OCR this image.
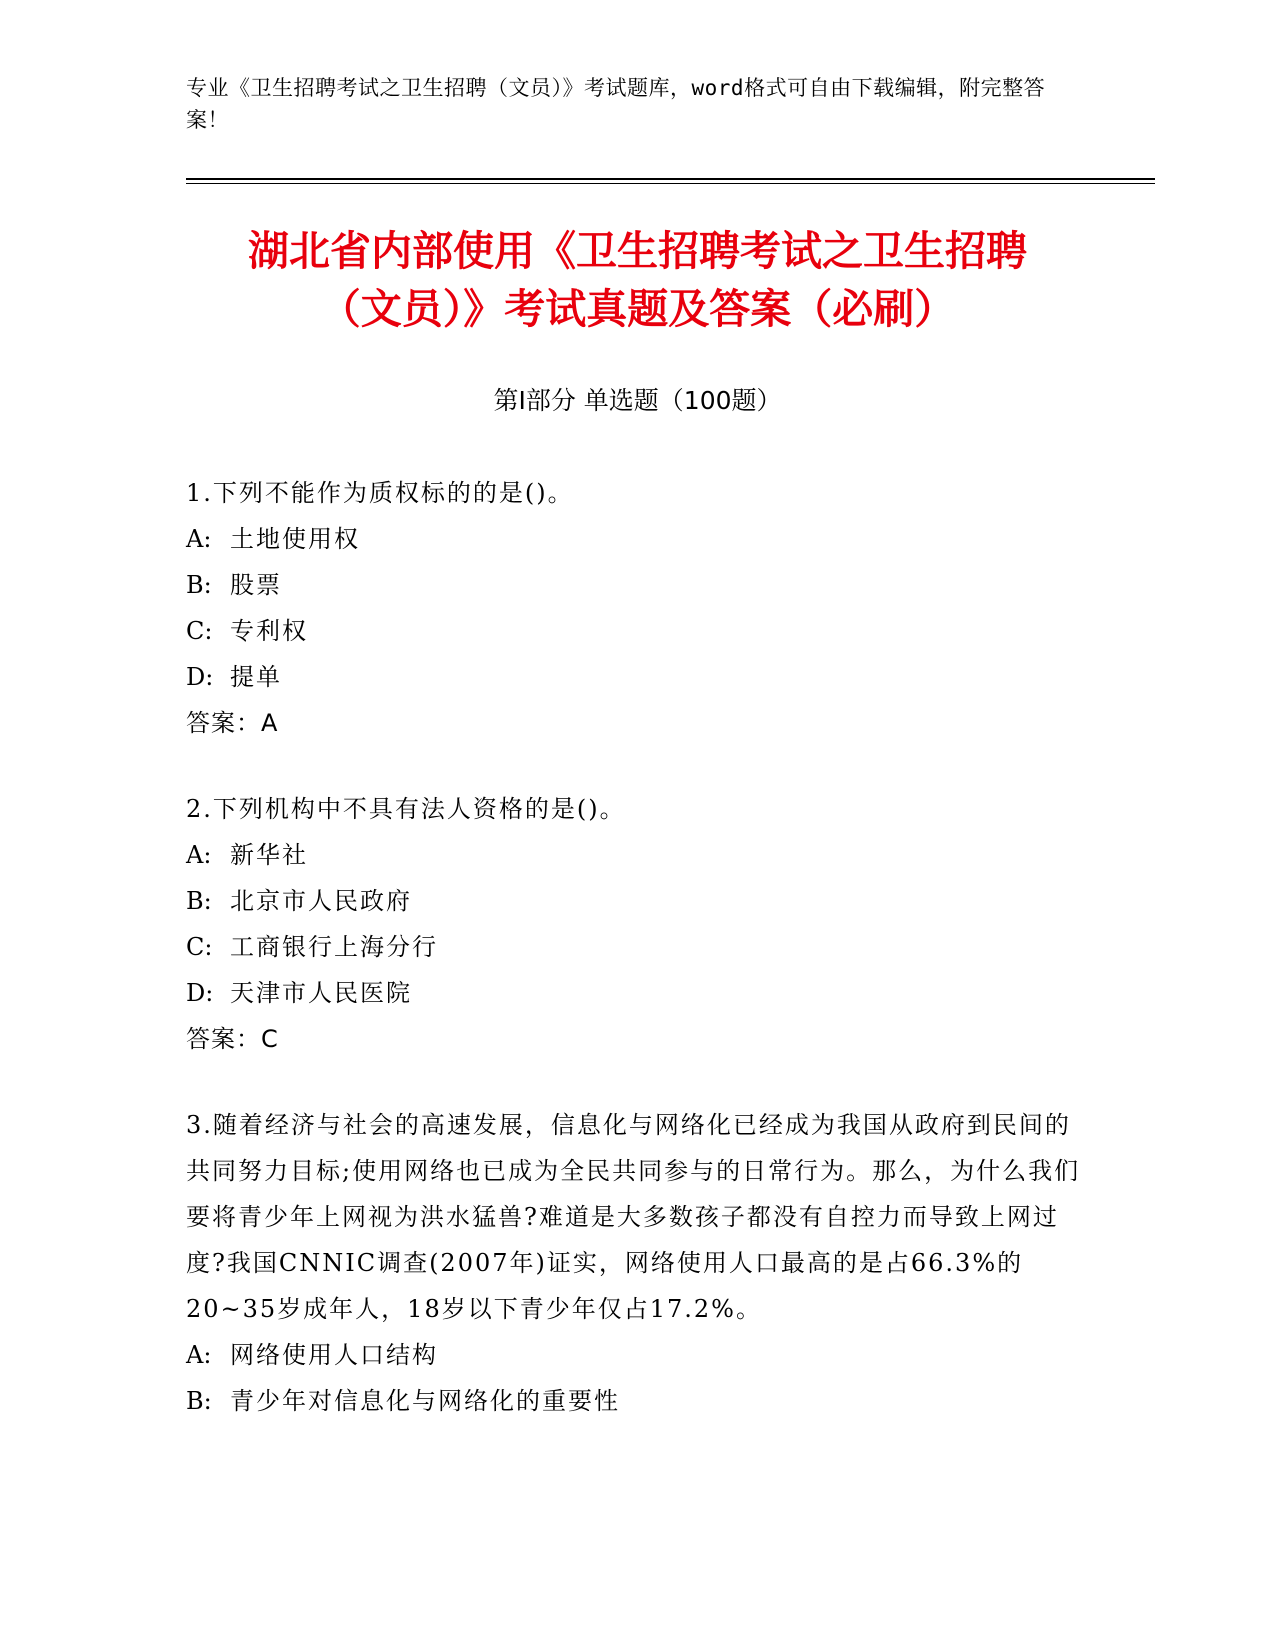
专业《卫生招聘考试之卫生招聘（文员）》考试题库，word格式可自由下载编辑，附完整答案！
湖北省内部使用《卫生招聘考试之卫生招聘
（文员）》考试真题及答案（必刷）
第Ⅰ部分 单选题（100题）

1.下列不能作为质权标的的是()。

A: 土地使用权

B: 股票

C: 专利权

D: 提单

答案：A

2.下列机构中不具有法人资格的是()。

A: 新华社

B: 北京市人民政府

C: 工商银行上海分行

D: 天津市人民医院

答案：C

3.随着经济与社会的高速发展，信息化与网络化已经成为我国从政府到民间的共同努力目标;使用网络也已成为全民共同参与的日常行为。那么，为什么我们要将青少年上网视为洪水猛兽?难道是大多数孩子都没有自控力而导致上网过度?我国CNNIC调查(2007年)证实，网络使用人口最高的是占66.3%的20~35岁成年人，18岁以下青少年仅占17.2%。

A: 网络使用人口结构

B: 青少年对信息化与网络化的重要性
